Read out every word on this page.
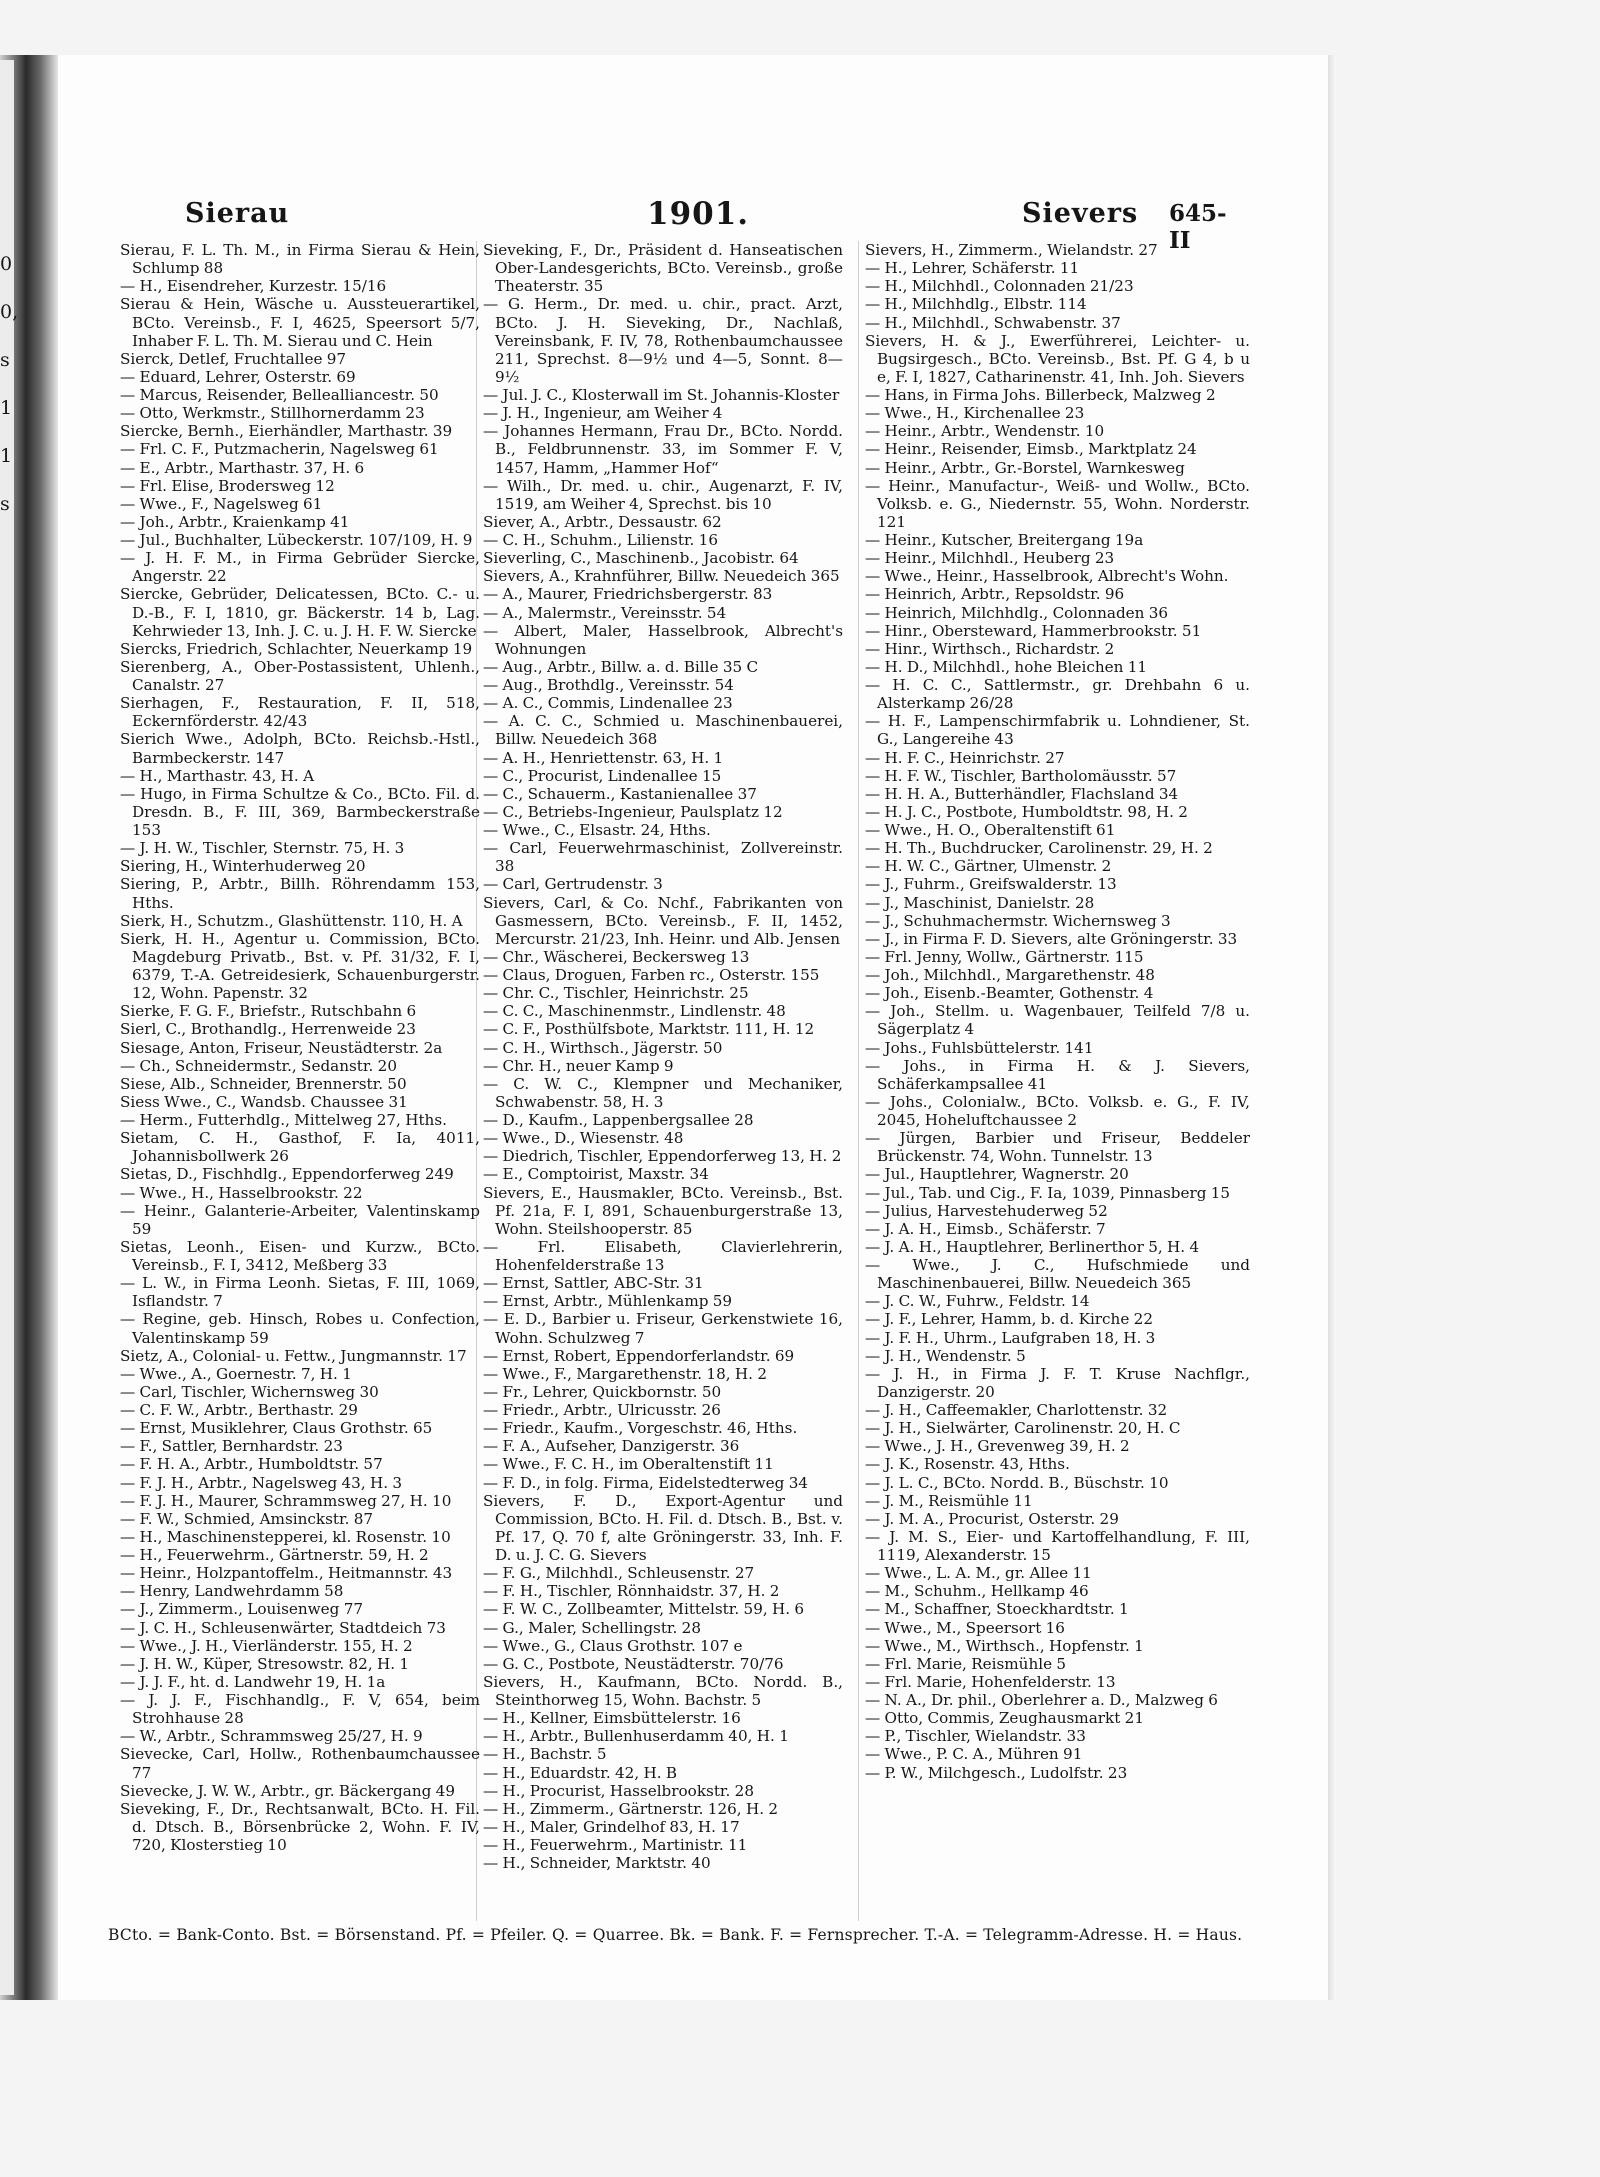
0
0,
s
1
1
s
Sierau	1901.	Sievers 645-II

Sierau, F. L. Th. M., in Firma Sierau & Hein, Schlump 88

— H., Eisendreher, Kurzestr. 15/16

Sierau & Hein, Wäsche u. Aussteuerartikel, BCto. Vereinsb., F. I, 4625, Speersort 5/7, Inhaber F. L. Th. M. Sierau und C. Hein

Sierck, Detlef, Fruchtallee 97

— Eduard, Lehrer, Osterstr. 69

— Marcus, Reisender, Bellealliancestr. 50

— Otto, Werkmstr., Stillhornerdamm 23

Siercke, Bernh., Eierhändler, Marthastr. 39

— Frl. C. F., Putzmacherin, Nagelsweg 61

— E., Arbtr., Marthastr. 37, H. 6

— Frl. Elise, Brodersweg 12

— Wwe., F., Nagelsweg 61

— Joh., Arbtr., Kraienkamp 41

— Jul., Buchhalter, Lübeckerstr. 107/109, H. 9

— J. H. F. M., in Firma Gebrüder Siercke, Angerstr. 22

Siercke, Gebrüder, Delicatessen, BCto. C.- u. D.-B., F. I, 1810, gr. Bäckerstr. 14 b, Lag. Kehrwieder 13, Inh. J. C. u. J. H. F. W. Siercke

Siercks, Friedrich, Schlachter, Neuerkamp 19

Sierenberg, A., Ober-Postassistent, Uhlenh., Canalstr. 27

Sierhagen, F., Restauration, F. II, 518, Eckernförderstr. 42/43

Sierich Wwe., Adolph, BCto. Reichsb.-Hstl., Barmbeckerstr. 147

— H., Marthastr. 43, H. A

— Hugo, in Firma Schultze & Co., BCto. Fil. d. Dresdn. B., F. III, 369, Barmbeckerstraße 153

— J. H. W., Tischler, Sternstr. 75, H. 3

Siering, H., Winterhuderweg 20

Siering, P., Arbtr., Billh. Röhrendamm 153, Hths.

Sierk, H., Schutzm., Glashüttenstr. 110, H. A

Sierk, H. H., Agentur u. Commission, BCto. Magdeburg Privatb., Bst. v. Pf. 31/32, F. I, 6379, T.-A. Getreidesierk, Schauenburgerstr. 12, Wohn. Papenstr. 32

Sierke, F. G. F., Briefstr., Rutschbahn 6

Sierl, C., Brothandlg., Herrenweide 23

Siesage, Anton, Friseur, Neustädterstr. 2a

— Ch., Schneidermstr., Sedanstr. 20

Siese, Alb., Schneider, Brennerstr. 50

Siess Wwe., C., Wandsb. Chaussee 31

— Herm., Futterhdlg., Mittelweg 27, Hths.

Sietam, C. H., Gasthof, F. Ia, 4011, Johannisbollwerk 26

Sietas, D., Fischhdlg., Eppendorferweg 249

— Wwe., H., Hasselbrookstr. 22

— Heinr., Galanterie-Arbeiter, Valentinskamp 59

Sietas, Leonh., Eisen- und Kurzw., BCto. Vereinsb., F. I, 3412, Meßberg 33

— L. W., in Firma Leonh. Sietas, F. III, 1069, Isflandstr. 7

— Regine, geb. Hinsch, Robes u. Confection, Valentinskamp 59

Sietz, A., Colonial- u. Fettw., Jungmannstr. 17

— Wwe., A., Goernestr. 7, H. 1

— Carl, Tischler, Wichernsweg 30

— C. F. W., Arbtr., Berthastr. 29

— Ernst, Musiklehrer, Claus Grothstr. 65

— F., Sattler, Bernhardstr. 23

— F. H. A., Arbtr., Humboldtstr. 57

— F. J. H., Arbtr., Nagelsweg 43, H. 3

— F. J. H., Maurer, Schrammsweg 27, H. 10

— F. W., Schmied, Amsinckstr. 87

— H., Maschinenstepperei, kl. Rosenstr. 10

— H., Feuerwehrm., Gärtnerstr. 59, H. 2

— Heinr., Holzpantoffelm., Heitmannstr. 43

— Henry, Landwehrdamm 58

— J., Zimmerm., Louisenweg 77

— J. C. H., Schleusenwärter, Stadtdeich 73

— Wwe., J. H., Vierländerstr. 155, H. 2

— J. H. W., Küper, Stresowstr. 82, H. 1

— J. J. F., ht. d. Landwehr 19, H. 1a

— J. J. F., Fischhandlg., F. V, 654, beim Strohhause 28

— W., Arbtr., Schrammsweg 25/27, H. 9

Sievecke, Carl, Hollw., Rothenbaumchaussee 77

Sievecke, J. W. W., Arbtr., gr. Bäckergang 49

Sieveking, F., Dr., Rechtsanwalt, BCto. H. Fil. d. Dtsch. B., Börsenbrücke 2, Wohn. F. IV, 720, Klosterstieg 10

Sieveking, F., Dr., Präsident d. Hanseatischen Ober-Landesgerichts, BCto. Vereinsb., große Theaterstr. 35

— G. Herm., Dr. med. u. chir., pract. Arzt, BCto. J. H. Sieveking, Dr., Nachlaß, Vereinsbank, F. IV, 78, Rothenbaumchaussee 211, Sprechst. 8—9½ und 4—5, Sonnt. 8—9½

— Jul. J. C., Klosterwall im St. Johannis-Kloster

— J. H., Ingenieur, am Weiher 4

— Johannes Hermann, Frau Dr., BCto. Nordd. B., Feldbrunnenstr. 33, im Sommer F. V, 1457, Hamm, „Hammer Hof“

— Wilh., Dr. med. u. chir., Augenarzt, F. IV, 1519, am Weiher 4, Sprechst. bis 10

Siever, A., Arbtr., Dessaustr. 62

— C. H., Schuhm., Lilienstr. 16

Sieverling, C., Maschinenb., Jacobistr. 64

Sievers, A., Krahnführer, Billw. Neuedeich 365

— A., Maurer, Friedrichsbergerstr. 83

— A., Malermstr., Vereinsstr. 54

— Albert, Maler, Hasselbrook, Albrecht's Wohnungen

— Aug., Arbtr., Billw. a. d. Bille 35 C

— Aug., Brothdlg., Vereinsstr. 54

— A. C., Commis, Lindenallee 23

— A. C. C., Schmied u. Maschinenbauerei, Billw. Neuedeich 368

— A. H., Henriettenstr. 63, H. 1

— C., Procurist, Lindenallee 15

— C., Schauerm., Kastanienallee 37

— C., Betriebs-Ingenieur, Paulsplatz 12

— Wwe., C., Elsastr. 24, Hths.

— Carl, Feuerwehrmaschinist, Zollvereinstr. 38

— Carl, Gertrudenstr. 3

Sievers, Carl, & Co. Nchf., Fabrikanten von Gasmessern, BCto. Vereinsb., F. II, 1452, Mercurstr. 21/23, Inh. Heinr. und Alb. Jensen

— Chr., Wäscherei, Beckersweg 13

— Claus, Droguen, Farben rc., Osterstr. 155

— Chr. C., Tischler, Heinrichstr. 25

— C. C., Maschinenmstr., Lindlenstr. 48

— C. F., Posthülfsbote, Marktstr. 111, H. 12

— C. H., Wirthsch., Jägerstr. 50

— Chr. H., neuer Kamp 9

— C. W. C., Klempner und Mechaniker, Schwabenstr. 58, H. 3

— D., Kaufm., Lappenbergsallee 28

— Wwe., D., Wiesenstr. 48

— Diedrich, Tischler, Eppendorferweg 13, H. 2

— E., Comptoirist, Maxstr. 34

Sievers, E., Hausmakler, BCto. Vereinsb., Bst. Pf. 21a, F. I, 891, Schauenburgerstraße 13, Wohn. Steilshooperstr. 85

— Frl. Elisabeth, Clavierlehrerin, Hohenfelderstraße 13

— Ernst, Sattler, ABC-Str. 31

— Ernst, Arbtr., Mühlenkamp 59

— E. D., Barbier u. Friseur, Gerkenstwiete 16, Wohn. Schulzweg 7

— Ernst, Robert, Eppendorferlandstr. 69

— Wwe., F., Margarethenstr. 18, H. 2

— Fr., Lehrer, Quickbornstr. 50

— Friedr., Arbtr., Ulricusstr. 26

— Friedr., Kaufm., Vorgeschstr. 46, Hths.

— F. A., Aufseher, Danzigerstr. 36

— Wwe., F. C. H., im Oberaltenstift 11

— F. D., in folg. Firma, Eidelstedterweg 34

Sievers, F. D., Export-Agentur und Commission, BCto. H. Fil. d. Dtsch. B., Bst. v. Pf. 17, Q. 70 f, alte Gröningerstr. 33, Inh. F. D. u. J. C. G. Sievers

— F. G., Milchhdl., Schleusenstr. 27

— F. H., Tischler, Rönnhaidstr. 37, H. 2

— F. W. C., Zollbeamter, Mittelstr. 59, H. 6

— G., Maler, Schellingstr. 28

— Wwe., G., Claus Grothstr. 107 e

— G. C., Postbote, Neustädterstr. 70/76

Sievers, H., Kaufmann, BCto. Nordd. B., Steinthorweg 15, Wohn. Bachstr. 5

— H., Kellner, Eimsbüttelerstr. 16

— H., Arbtr., Bullenhuserdamm 40, H. 1

— H., Bachstr. 5

— H., Eduardstr. 42, H. B

— H., Procurist, Hasselbrookstr. 28

— H., Zimmerm., Gärtnerstr. 126, H. 2

— H., Maler, Grindelhof 83, H. 17

— H., Feuerwehrm., Martinistr. 11

— H., Schneider, Marktstr. 40

Sievers, H., Zimmerm., Wielandstr. 27

— H., Lehrer, Schäferstr. 11

— H., Milchhdl., Colonnaden 21/23

— H., Milchhdlg., Elbstr. 114

— H., Milchhdl., Schwabenstr. 37

Sievers, H. & J., Ewerführerei, Leichter- u. Bugsirgesch., BCto. Vereinsb., Bst. Pf. G 4, b u e, F. I, 1827, Catharinenstr. 41, Inh. Joh. Sievers

— Hans, in Firma Johs. Billerbeck, Malzweg 2

— Wwe., H., Kirchenallee 23

— Heinr., Arbtr., Wendenstr. 10

— Heinr., Reisender, Eimsb., Marktplatz 24

— Heinr., Arbtr., Gr.-Borstel, Warnkesweg

— Heinr., Manufactur-, Weiß- und Wollw., BCto. Volksb. e. G., Niedernstr. 55, Wohn. Norderstr. 121

— Heinr., Kutscher, Breitergang 19a

— Heinr., Milchhdl., Heuberg 23

— Wwe., Heinr., Hasselbrook, Albrecht's Wohn.

— Heinrich, Arbtr., Repsoldstr. 96

— Heinrich, Milchhdlg., Colonnaden 36

— Hinr., Obersteward, Hammerbrookstr. 51

— Hinr., Wirthsch., Richardstr. 2

— H. D., Milchhdl., hohe Bleichen 11

— H. C. C., Sattlermstr., gr. Drehbahn 6 u. Alsterkamp 26/28

— H. F., Lampenschirmfabrik u. Lohndiener, St. G., Langereihe 43

— H. F. C., Heinrichstr. 27

— H. F. W., Tischler, Bartholomäusstr. 57

— H. H. A., Butterhändler, Flachsland 34

— H. J. C., Postbote, Humboldtstr. 98, H. 2

— Wwe., H. O., Oberaltenstift 61

— H. Th., Buchdrucker, Carolinenstr. 29, H. 2

— H. W. C., Gärtner, Ulmenstr. 2

— J., Fuhrm., Greifswalderstr. 13

— J., Maschinist, Danielstr. 28

— J., Schuhmachermstr. Wichernsweg 3

— J., in Firma F. D. Sievers, alte Gröningerstr. 33

— Frl. Jenny, Wollw., Gärtnerstr. 115

— Joh., Milchhdl., Margarethenstr. 48

— Joh., Eisenb.-Beamter, Gothenstr. 4

— Joh., Stellm. u. Wagenbauer, Teilfeld 7/8 u. Sägerplatz 4

— Johs., Fuhlsbüttelerstr. 141

— Johs., in Firma H. & J. Sievers, Schäferkampsallee 41

— Johs., Colonialw., BCto. Volksb. e. G., F. IV, 2045, Hoheluftchaussee 2

— Jürgen, Barbier und Friseur, Beddeler Brückenstr. 74, Wohn. Tunnelstr. 13

— Jul., Hauptlehrer, Wagnerstr. 20

— Jul., Tab. und Cig., F. Ia, 1039, Pinnasberg 15

— Julius, Harvestehuderweg 52

— J. A. H., Eimsb., Schäferstr. 7

— J. A. H., Hauptlehrer, Berlinerthor 5, H. 4

— Wwe., J. C., Hufschmiede und Maschinenbauerei, Billw. Neuedeich 365

— J. C. W., Fuhrw., Feldstr. 14

— J. F., Lehrer, Hamm, b. d. Kirche 22

— J. F. H., Uhrm., Laufgraben 18, H. 3

— J. H., Wendenstr. 5

— J. H., in Firma J. F. T. Kruse Nachflgr., Danzigerstr. 20

— J. H., Caffeemakler, Charlottenstr. 32

— J. H., Sielwärter, Carolinenstr. 20, H. C

— Wwe., J. H., Grevenweg 39, H. 2

— J. K., Rosenstr. 43, Hths.

— J. L. C., BCto. Nordd. B., Büschstr. 10

— J. M., Reismühle 11

— J. M. A., Procurist, Osterstr. 29

— J. M. S., Eier- und Kartoffelhandlung, F. III, 1119, Alexanderstr. 15

— Wwe., L. A. M., gr. Allee 11

— M., Schuhm., Hellkamp 46

— M., Schaffner, Stoeckhardtstr. 1

— Wwe., M., Speersort 16

— Wwe., M., Wirthsch., Hopfenstr. 1

— Frl. Marie, Reismühle 5

— Frl. Marie, Hohenfelderstr. 13

— N. A., Dr. phil., Oberlehrer a. D., Malzweg 6

— Otto, Commis, Zeughausmarkt 21

— P., Tischler, Wielandstr. 33

— Wwe., P. C. A., Mühren 91

— P. W., Milchgesch., Ludolfstr. 23

BCto. = Bank-Conto. Bst. = Börsenstand. Pf. = Pfeiler. Q. = Quarree. Bk. = Bank. F. = Fernsprecher. T.-A. = Telegramm-Adresse. H. = Haus.
